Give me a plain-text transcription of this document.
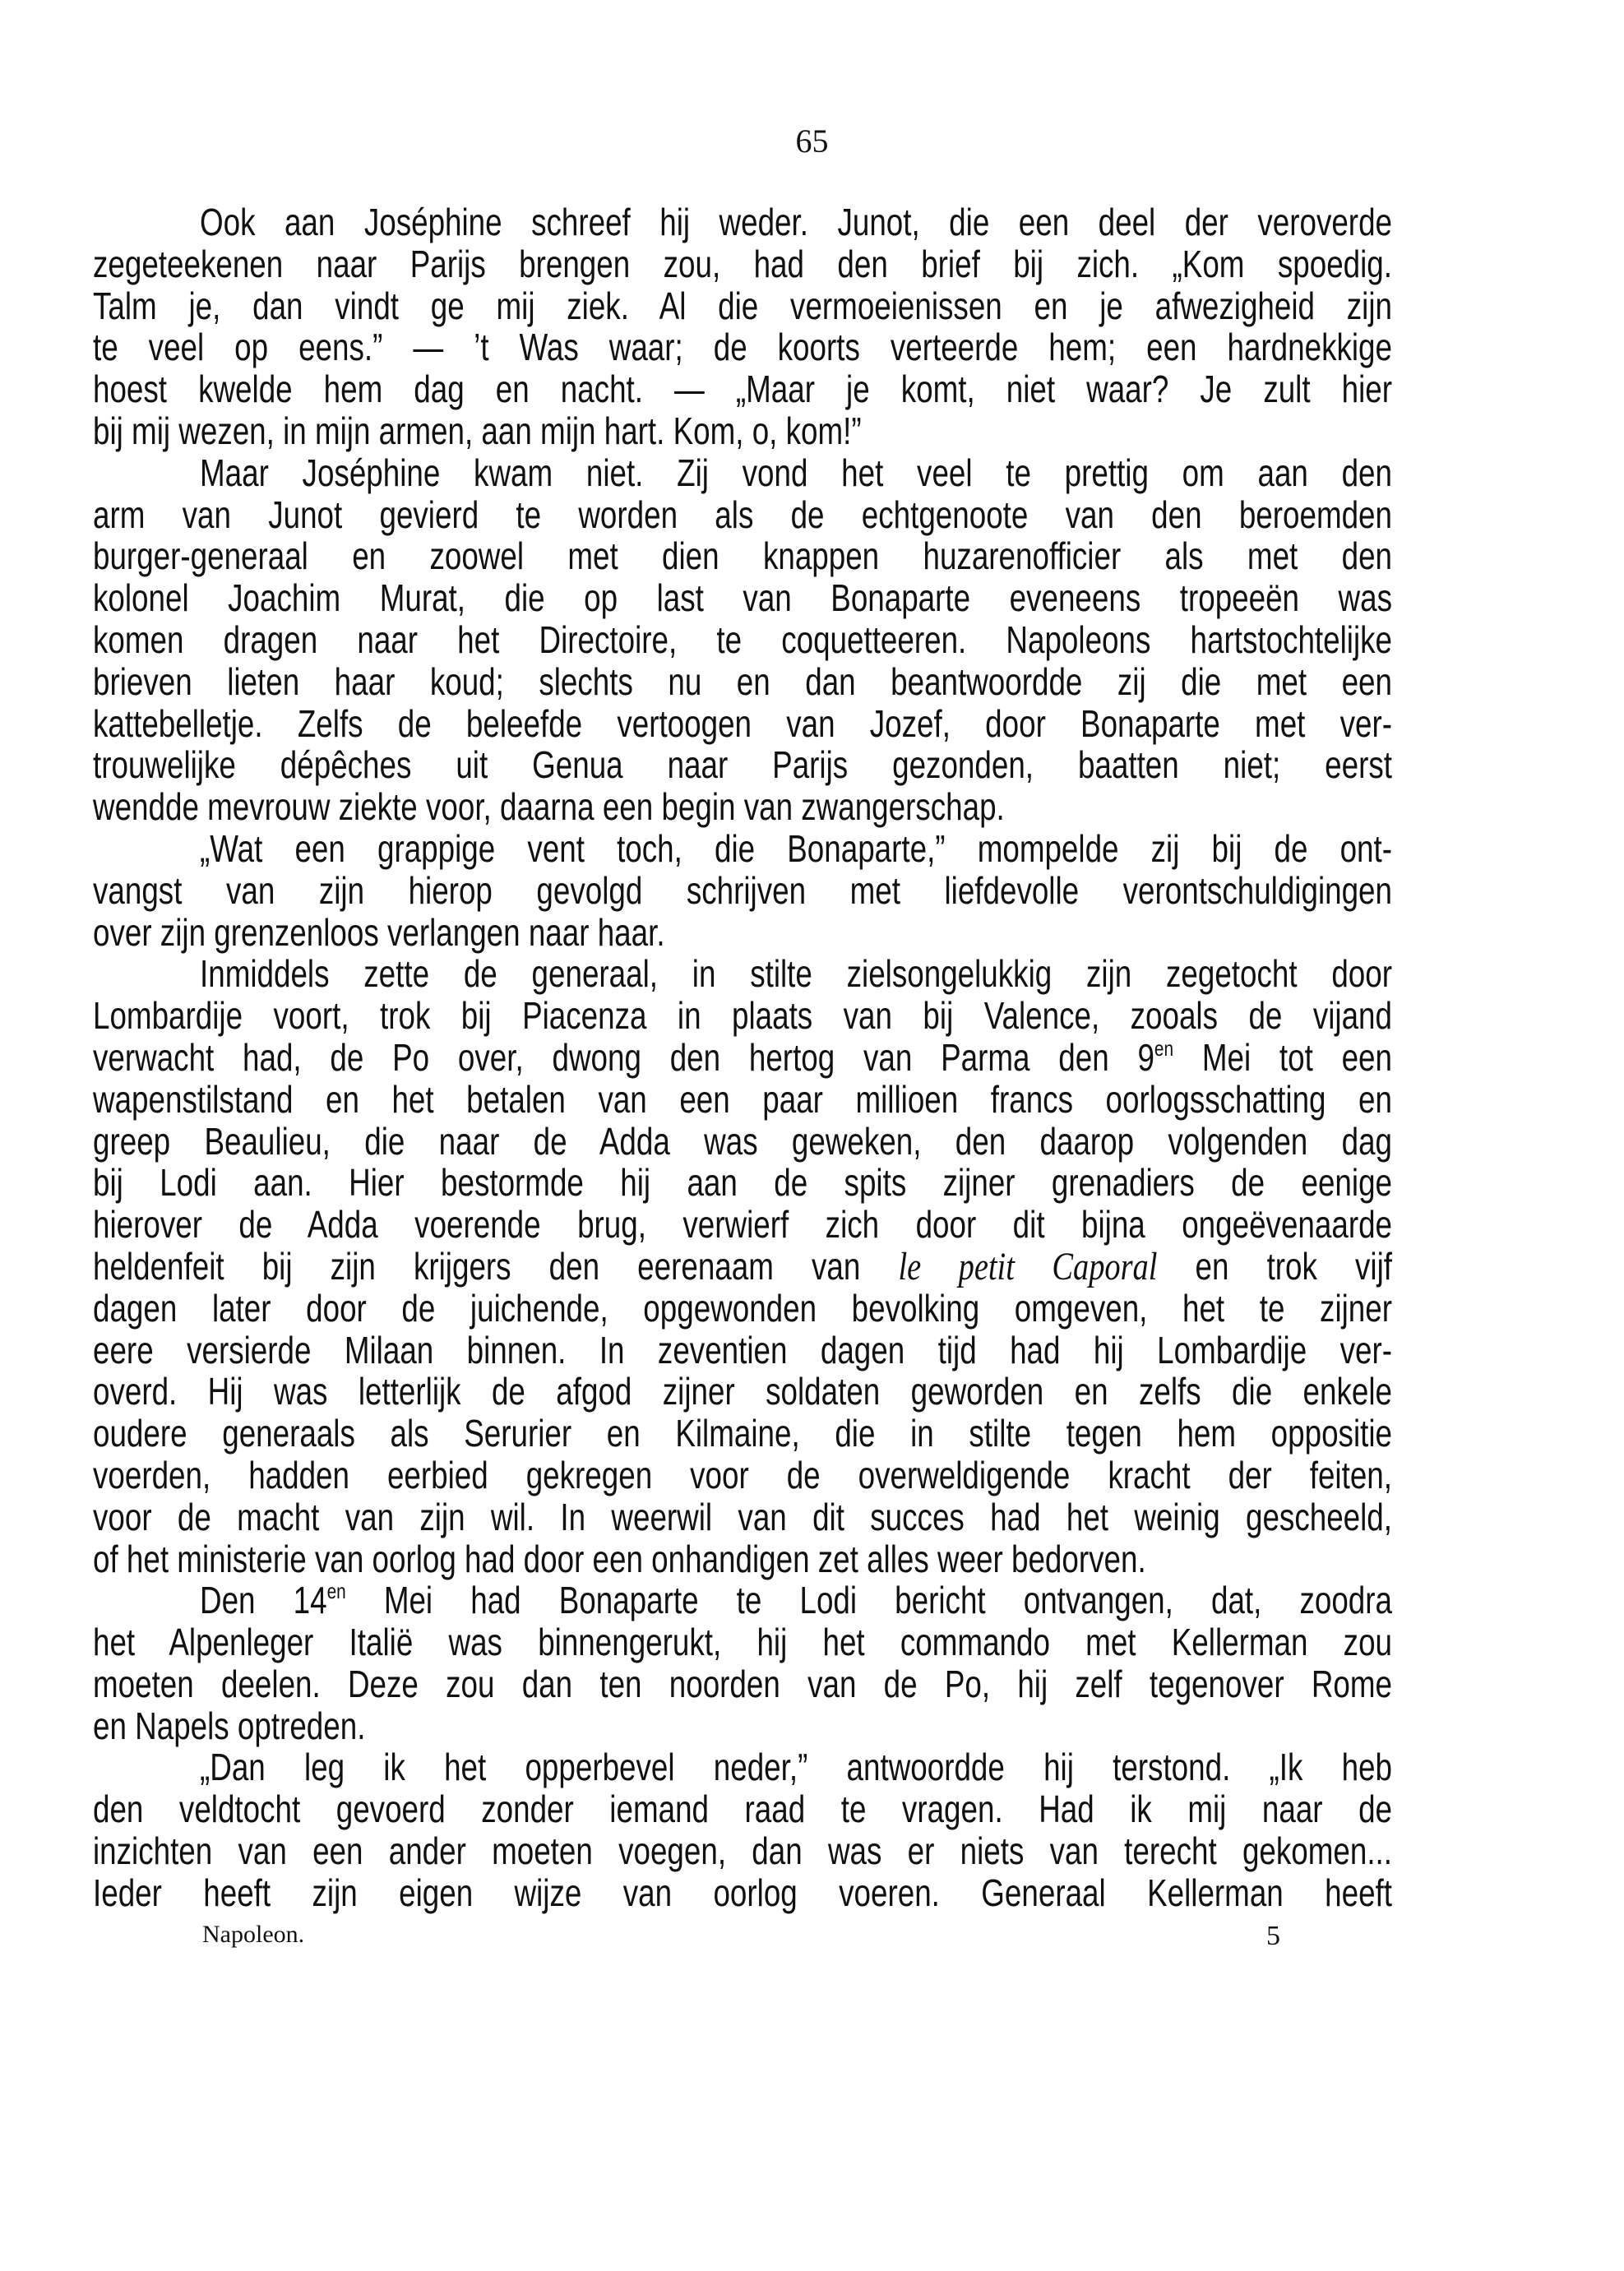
65
Ook aan Joséphine schreef hij weder. Junot, die een deel der veroverde
zegeteekenen naar Parijs brengen zou, had den brief bij zich. „Kom spoedig.
Talm je, dan vindt ge mij ziek. Al die vermoeienissen en je afwezigheid zijn
te veel op eens.” — ’t Was waar; de koorts verteerde hem; een hardnekkige
hoest kwelde hem dag en nacht. — „Maar je komt, niet waar? Je zult hier
bij mij wezen, in mijn armen, aan mijn hart. Kom, o, kom!”
Maar Joséphine kwam niet. Zij vond het veel te prettig om aan den
arm van Junot gevierd te worden als de echtgenoote van den beroemden
burger-generaal en zoowel met dien knappen huzarenofficier als met den
kolonel Joachim Murat, die op last van Bonaparte eveneens tropeeën was
komen dragen naar het Directoire, te coquetteeren. Napoleons hartstochtelijke
brieven lieten haar koud; slechts nu en dan beantwoordde zij die met een
kattebelletje. Zelfs de beleefde vertoogen van Jozef, door Bonaparte met ver-
trouwelijke dépêches uit Genua naar Parijs gezonden, baatten niet; eerst
wendde mevrouw ziekte voor, daarna een begin van zwangerschap.
„Wat een grappige vent toch, die Bonaparte,” mompelde zij bij de ont-
vangst van zijn hierop gevolgd schrijven met liefdevolle verontschuldigingen
over zijn grenzenloos verlangen naar haar.
Inmiddels zette de generaal, in stilte zielsongelukkig zijn zegetocht door
Lombardije voort, trok bij Piacenza in plaats van bij Valence, zooals de vijand
verwacht had, de Po over, dwong den hertog van Parma den $9^{en}$ Mei tot een
wapenstilstand en het betalen van een paar millioen francs oorlogsschatting en
greep Beaulieu, die naar de Adda was geweken, den daarop volgenden dag
bij Lodi aan. Hier bestormde hij aan de spits zijner grenadiers de eenige
hierover de Adda voerende brug, verwierf zich door dit bijna ongeëvenaarde
heldenfeit bij zijn krijgers den eerenaam van le petit Caporal en trok vijf
dagen later door de juichende, opgewonden bevolking omgeven, het te zijner
eere versierde Milaan binnen. In zeventien dagen tijd had hij Lombardije ver-
overd. Hij was letterlijk de afgod zijner soldaten geworden en zelfs die enkele
oudere generaals als Serurier en Kilmaine, die in stilte tegen hem oppositie
voerden, hadden eerbied gekregen voor de overweldigende kracht der feiten,
voor de macht van zijn wil. In weerwil van dit succes had het weinig gescheeld,
of het ministerie van oorlog had door een onhandigen zet alles weer bedorven.
Den $14^{en}$ Mei had Bonaparte te Lodi bericht ontvangen, dat, zoodra
het Alpenleger Italië was binnengerukt, hij het commando met Kellerman zou
moeten deelen. Deze zou dan ten noorden van de Po, hij zelf tegenover Rome
en Napels optreden.
„Dan leg ik het opperbevel neder,” antwoordde hij terstond. „Ik heb
den veldtocht gevoerd zonder iemand raad te vragen. Had ik mij naar de
inzichten van een ander moeten voegen, dan was er niets van terecht gekomen...
Ieder heeft zijn eigen wijze van oorlog voeren. Generaal Kellerman heeft
Napoleon.	5
